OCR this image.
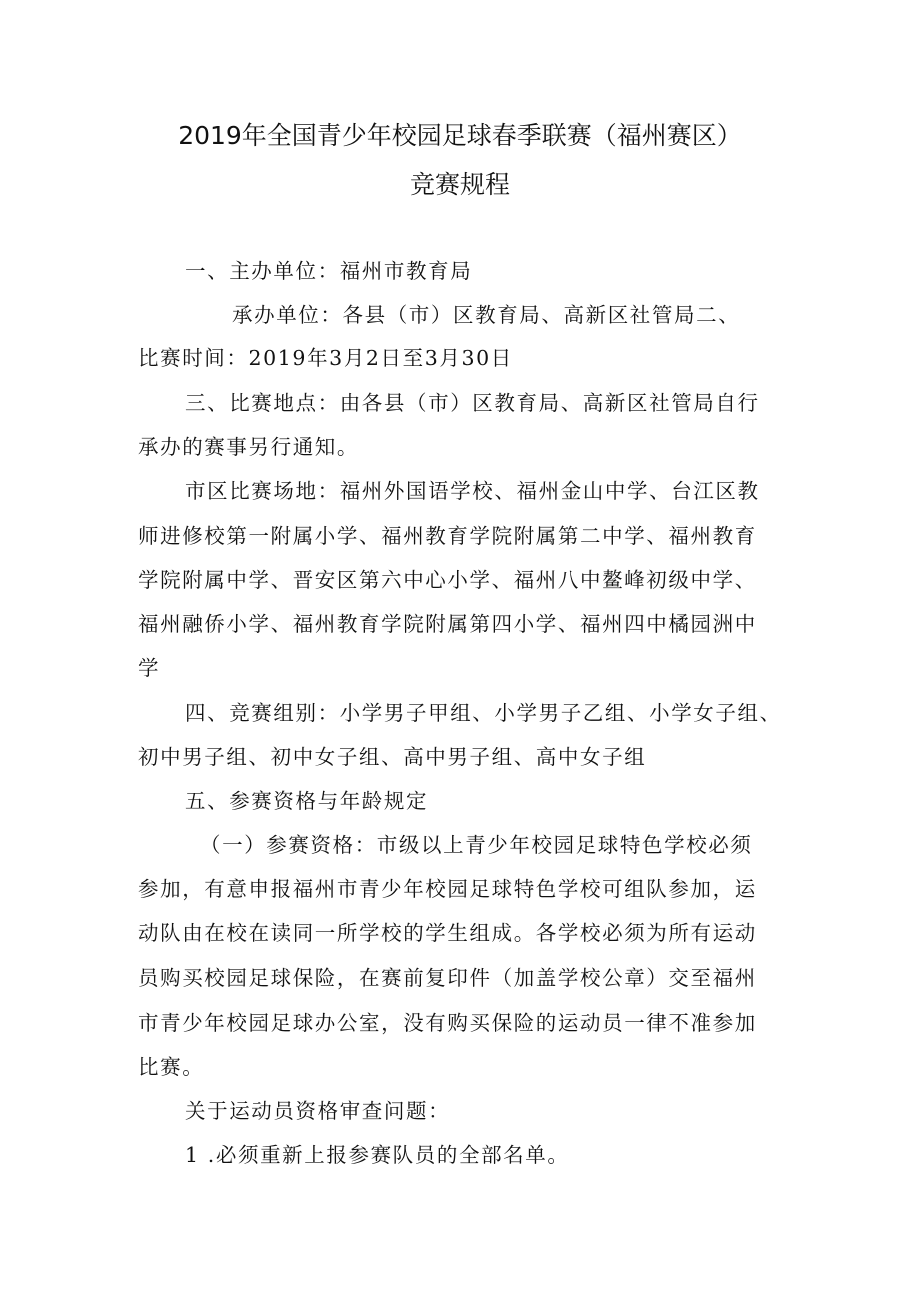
2019年全国青少年校园足球春季联赛（福州赛区）
竞赛规程
一、主办单位：福州市教育局
承办单位：各县（市）区教育局、高新区社管局二、
比赛时间：2019年3月2日至3月30日
三、比赛地点：由各县（市）区教育局、高新区社管局自行
承办的赛事另行通知。
市区比赛场地：福州外国语学校、福州金山中学、台江区教
师进修校第一附属小学、福州教育学院附属第二中学、福州教育
学院附属中学、晋安区第六中心小学、福州八中鳌峰初级中学、
福州融侨小学、福州教育学院附属第四小学、福州四中橘园洲中
学
四、竞赛组别：小学男子甲组、小学男子乙组、小学女子组、
初中男子组、初中女子组、高中男子组、高中女子组
五、参赛资格与年龄规定
（一）参赛资格：市级以上青少年校园足球特色学校必须
参加，有意申报福州市青少年校园足球特色学校可组队参加，运
动队由在校在读同一所学校的学生组成。各学校必须为所有运动
员购买校园足球保险，在赛前复印件（加盖学校公章）交至福州
市青少年校园足球办公室，没有购买保险的运动员一律不准参加
比赛。
关于运动员资格审查问题：
1 .必须重新上报参赛队员的全部名单。
